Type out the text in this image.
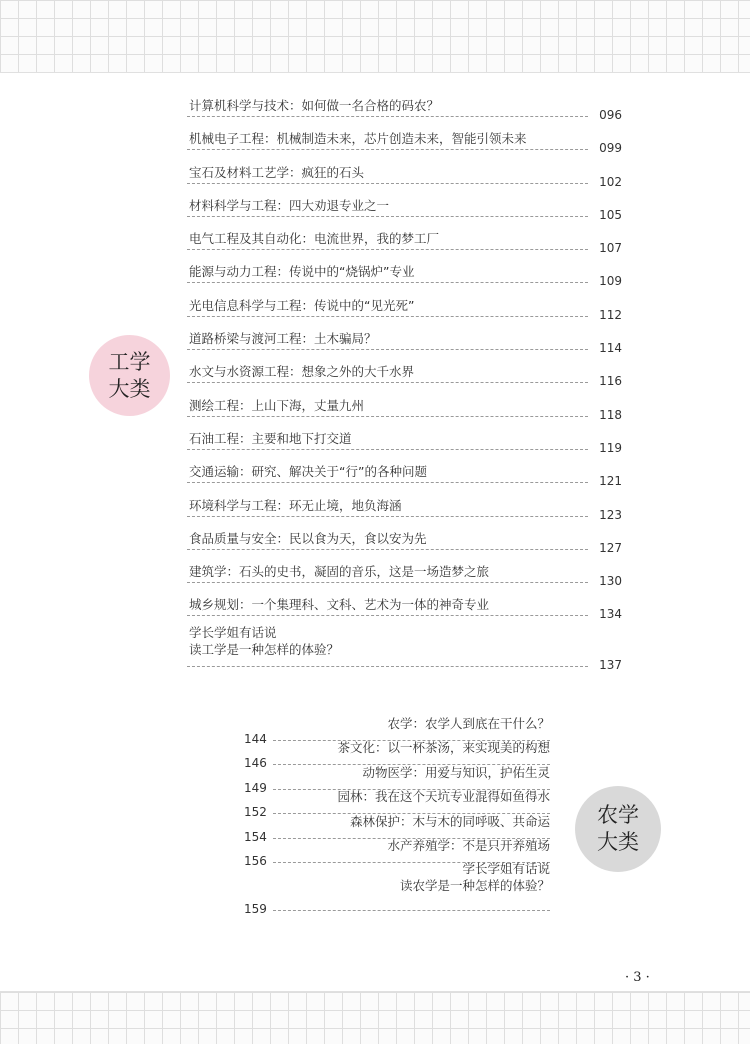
计算机科学与技术：如何做一名合格的码农？
096
机械电子工程：机械制造未来，芯片创造未来，智能引领未来
099
宝石及材料工艺学：疯狂的石头
102
材料科学与工程：四大劝退专业之一
105
电气工程及其自动化：电流世界，我的梦工厂
107
能源与动力工程：传说中的“烧锅炉”专业
109
光电信息科学与工程：传说中的“见光死”
112
道路桥梁与渡河工程：土木骗局？
114
水文与水资源工程：想象之外的大千水界
116
测绘工程：上山下海，丈量九州
118
石油工程：主要和地下打交道
119
交通运输：研究、解决关于“行”的各种问题
121
环境科学与工程：环无止境，地负海涵
123
食品质量与安全：民以食为天，食以安为先
127
建筑学：石头的史书，凝固的音乐，这是一场造梦之旅
130
城乡规划：一个集理科、文科、艺术为一体的神奇专业
134
学长学姐有话说
读工学是一种怎样的体验？
137
工学
大类
农学：农学人到底在干什么？
144
茶文化：以一杯茶汤，来实现美的构想
146
动物医学：用爱与知识，护佑生灵
149
园林：我在这个天坑专业混得如鱼得水
152
森林保护：木与木的同呼吸、共命运
154
水产养殖学：不是只开养殖场
156
学长学姐有话说
读农学是一种怎样的体验？
159
农学
大类
· 3 ·
